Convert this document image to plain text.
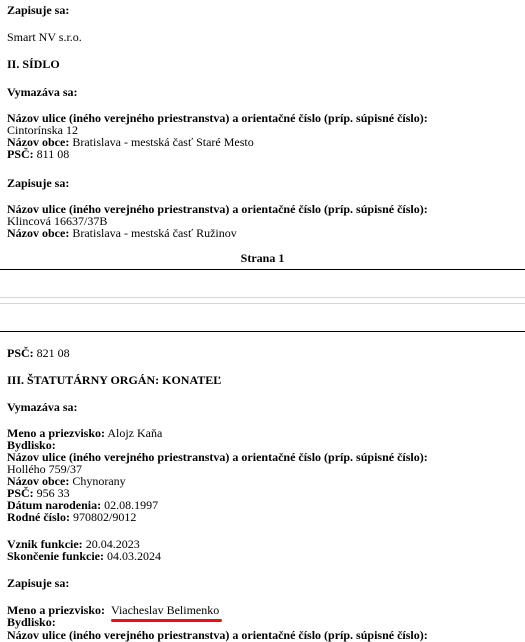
Zapisuje sa:
Smart NV s.r.o.
II. SÍDLO
Vymazáva sa:
Názov ulice (iného verejného priestranstva) a orientačné číslo (príp. súpisné číslo):
Cintorínska 12
Názov obce: Bratislava - mestská časť Staré Mesto
PSČ: 811 08
Zapisuje sa:
Názov ulice (iného verejného priestranstva) a orientačné číslo (príp. súpisné číslo):
Klincová 16637/37B
Názov obce: Bratislava - mestská časť Ružinov
Strana 1
PSČ: 821 08
III. ŠTATUTÁRNY ORGÁN: KONATEĽ
Vymazáva sa:
Meno a priezvisko: Alojz Kaňa
Bydlisko:
Názov ulice (iného verejného priestranstva) a orientačné číslo (príp. súpisné číslo):
Hollého 759/37
Názov obce: Chynorany
PSČ: 956 33
Dátum narodenia: 02.08.1997
Rodné číslo: 970802/9012
Vznik funkcie: 20.04.2023
Skončenie funkcie: 04.03.2024
Zapisuje sa:
Meno a priezvisko: Viacheslav Belimenko
Bydlisko:
Názov ulice (iného verejného priestranstva) a orientačné číslo (príp. súpisné číslo):
